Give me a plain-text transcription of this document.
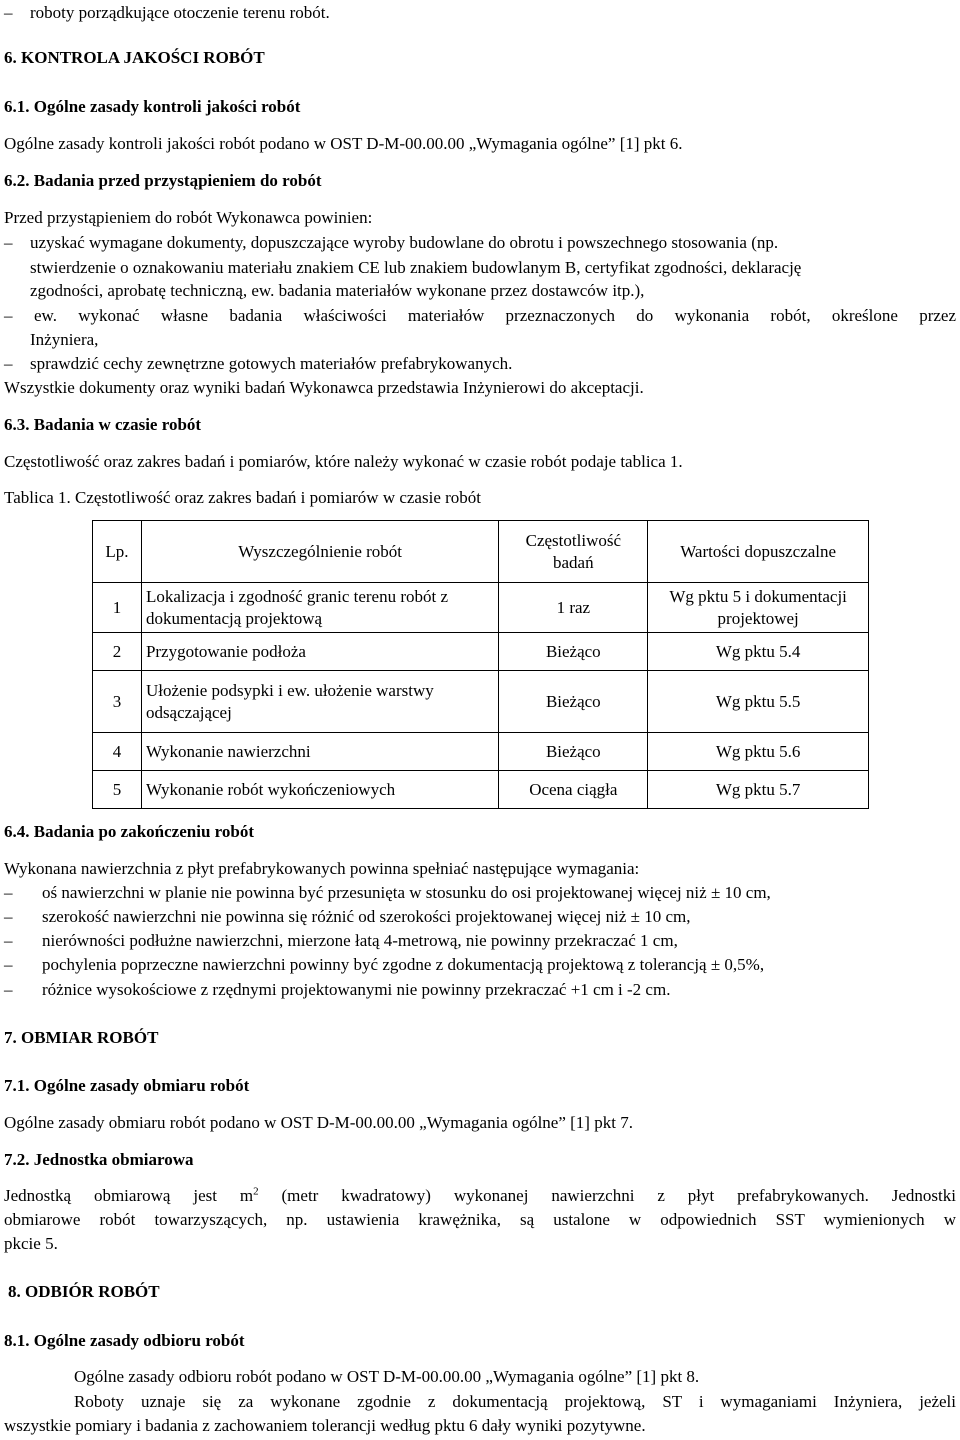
–
roboty porządkujące otoczenie terenu robót.
6. KONTROLA JAKOŚCI ROBÓT
6.1. Ogólne zasady kontroli jakości robót
Ogólne zasady kontroli jakości robót podano w OST D-M-00.00.00 „Wymagania ogólne” [1] pkt 6.
6.2. Badania przed przystąpieniem do robót
Przed przystąpieniem do robót Wykonawca powinien:
–
uzyskać wymagane dokumenty, dopuszczające wyroby budowlane do obrotu i powszechnego stosowania (np.
stwierdzenie o oznakowaniu materiału znakiem CE lub znakiem budowlanym B, certyfikat zgodności, deklarację
zgodności, aprobatę techniczną, ew. badania materiałów wykonane przez dostawców itp.),
–
ew. wykonać własne badania właściwości materiałów przeznaczonych do wykonania robót, określone przez
Inżyniera,
–
sprawdzić cechy zewnętrzne gotowych materiałów prefabrykowanych.
Wszystkie dokumenty oraz wyniki badań Wykonawca przedstawia Inżynierowi do akceptacji.
6.3. Badania w czasie robót
Częstotliwość oraz zakres badań i pomiarów, które należy wykonać w czasie robót podaje tablica 1.
Tablica 1. Częstotliwość oraz zakres badań i pomiarów w czasie robót
Lp.	Wyszczególnienie robót	Częstotliwość badań	Wartości dopuszczalne
1	Lokalizacja i zgodność granic terenu robót z dokumentacją projektową	1 raz	Wg pktu 5 i dokumentacji projektowej
2	Przygotowanie podłoża	Bieżąco	Wg pktu 5.4
3	Ułożenie podsypki i ew. ułożenie warstwy odsączającej	Bieżąco	Wg pktu 5.5
4	Wykonanie nawierzchni	Bieżąco	Wg pktu 5.6
5	Wykonanie robót wykończeniowych	Ocena ciągła	Wg pktu 5.7
6.4. Badania po zakończeniu robót
Wykonana nawierzchnia z płyt prefabrykowanych powinna spełniać następujące wymagania:
–
oś nawierzchni w planie nie powinna być przesunięta w stosunku do osi projektowanej więcej niż ± 10 cm,
–
szerokość nawierzchni nie powinna się różnić od szerokości projektowanej więcej niż ± 10 cm,
–
nierówności podłużne nawierzchni, mierzone łatą 4-metrową, nie powinny przekraczać 1 cm,
–
pochylenia poprzeczne nawierzchni powinny być zgodne z dokumentacją projektową z tolerancją ± 0,5%,
–
różnice wysokościowe z rzędnymi projektowanymi nie powinny przekraczać +1 cm i -2 cm.
7. OBMIAR ROBÓT
7.1. Ogólne zasady obmiaru robót
Ogólne zasady obmiaru robót podano w OST D-M-00.00.00 „Wymagania ogólne” [1] pkt 7.
7.2. Jednostka obmiarowa
Jednostką obmiarową jest $m^2$ (metr kwadratowy) wykonanej nawierzchni z płyt prefabrykowanych. Jednostki
obmiarowe robót towarzyszących, np. ustawienia krawężnika, są ustalone w odpowiednich SST wymienionych w
pkcie 5.
8. ODBIÓR ROBÓT
8.1. Ogólne zasady odbioru robót
Ogólne zasady odbioru robót podano w OST D-M-00.00.00 „Wymagania ogólne” [1] pkt 8.
Roboty uznaje się za wykonane zgodnie z dokumentacją projektową, ST i wymaganiami Inżyniera, jeżeli
wszystkie pomiary i badania z zachowaniem tolerancji według pktu 6 dały wyniki pozytywne.
